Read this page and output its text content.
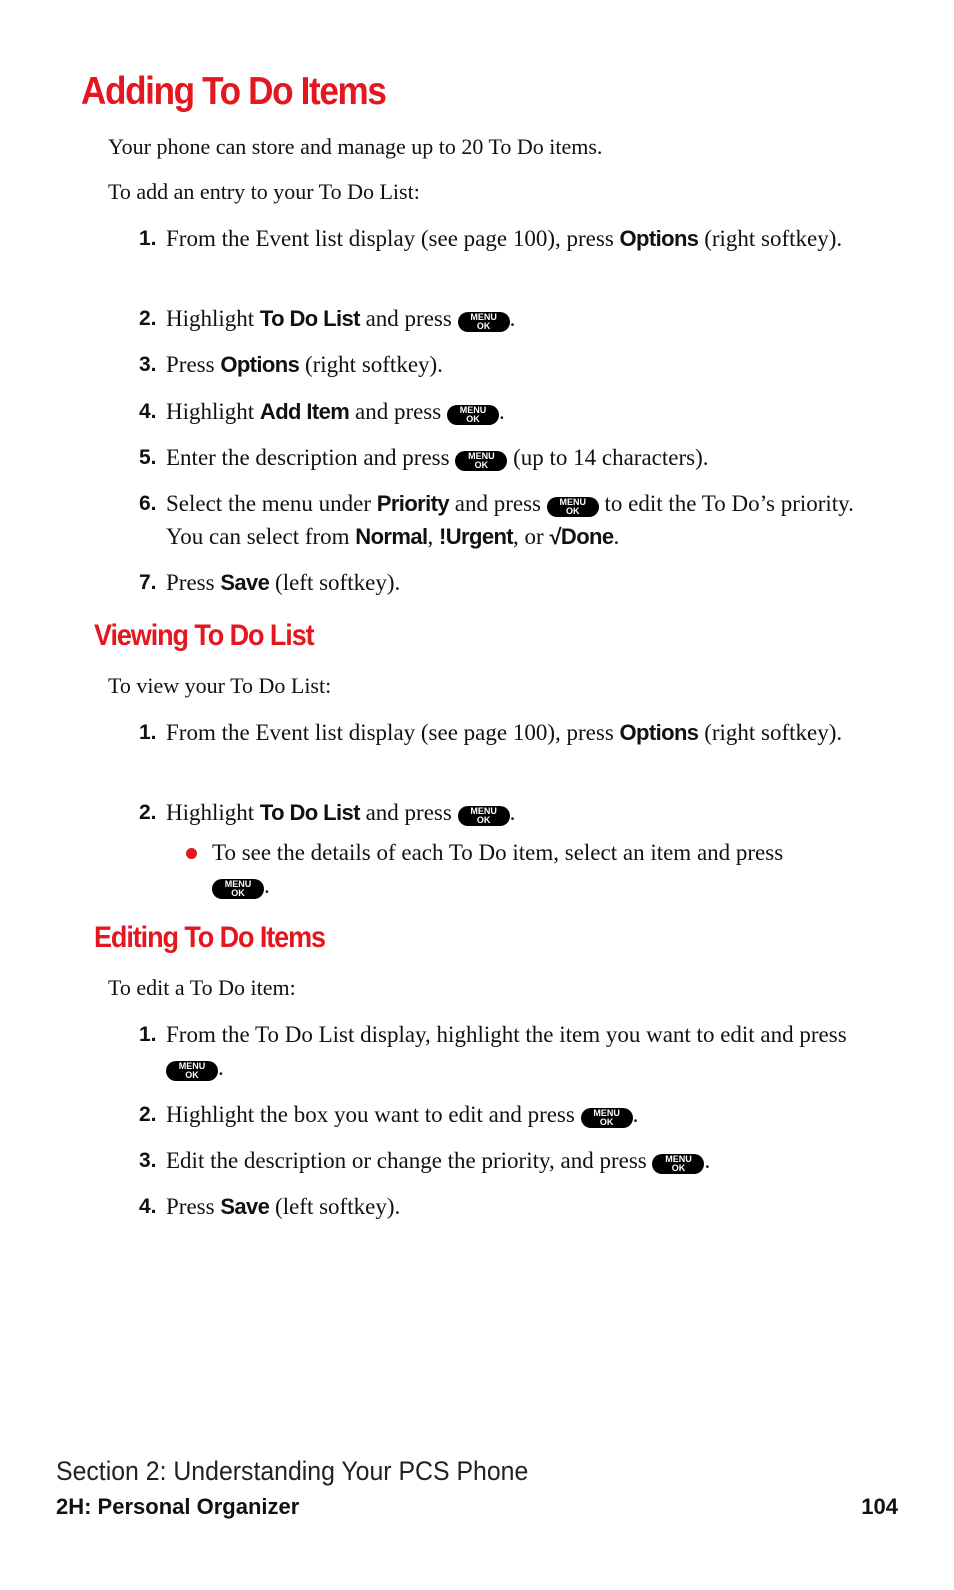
Adding To Do Items

Your phone can store and manage up to 20 To Do items.

To add an entry to your To Do List:

1. From the Event list display (see page 100), press Options (right softkey).
2. Highlight To Do List and press	MENU
OK .
3. Press Options (right softkey).
4. Highlight Add Item and press	MENU
OK .
5. Enter the description and press	MENU
OK (up to 14 characters).
6. Select the menu under Priority and press	MENU
OK to edit the To Do’s priority. You can select from Normal, !Urgent, or √Done.
7. Press Save (left softkey).
Viewing To Do List

To view your To Do List:

1. From the Event list display (see page 100), press Options (right softkey).
2. Highlight To Do List and press	MENU
OK .
To see the details of each To Do item, select an item and press
MENU
OK .
Editing To Do Items

To edit a To Do item:

1. From the To Do List display, highlight the item you want to edit and press
MENU
OK .
2. Highlight the box you want to edit and press	MENU
OK .
3. Edit the description or change the priority, and press	MENU
OK .
4. Press Save (left softkey).

Section 2: Understanding Your PCS Phone

2H: Personal Organizer	104
